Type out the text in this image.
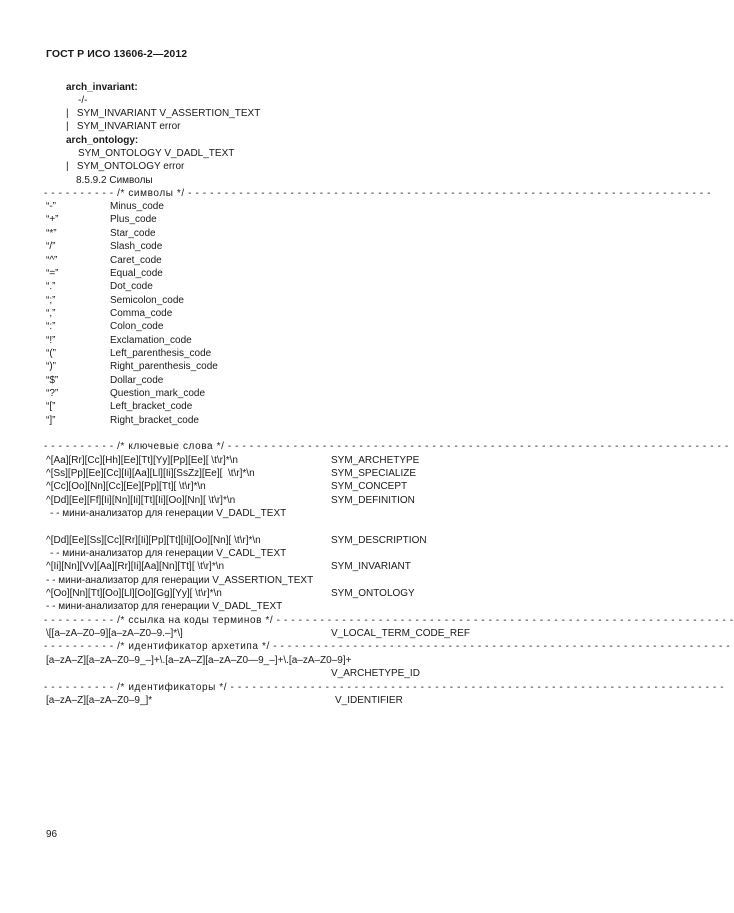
ГОСТ Р ИСО 13606-2—2012
arch_invariant:
-/-
|   SYM_INVARIANT V_ASSERTION_TEXT
|   SYM_INVARIANT error
arch_ontology:
SYM_ONTOLOGY V_DADL_TEXT
|   SYM_ONTOLOGY error
8.5.9.2 Символы
- - - - - - - - - - /* символы */ - - - - - - - - - - - - - - - - - - - - - - - - - - - - - - - - - - - - - - - - - - - - - - - - - - - - - - - - - - - - - - - - - - - - - - - -
“-”	Minus_code
“+”	Plus_code
“*”	Star_code
“/”	Slash_code
“^”	Caret_code
“=”	Equal_code
“.”	Dot_code
“;”	Semicolon_code
“,”	Comma_code
“:”	Colon_code
“!”	Exclamation_code
“(”	Left_parenthesis_code
“)”	Right_parenthesis_code
“$”	Dollar_code
“?”	Question_mark_code
“[”	Left_bracket_code
“]”	Right_bracket_code
- - - - - - - - - - /* ключевые слова */ - - - - - - - - - - - - - - - - - - - - - - - - - - - - - - - - - - - - - - - - - - - - - - - - - - - - - - - - - - - - - - - - - - - - -
^[Aa][Rr][Cc][Hh][Ee][Tt][Yy][Pp][Ee][ \t\r]*\n	SYM_ARCHETYPE
^[Ss][Pp][Ee][Cc][Ii][Aa][Ll][Ii][SsZz][Ee][  \t\r]*\n	SYM_SPECIALIZE
^[Cc][Oo][Nn][Cc][Ee][Pp][Tt][ \t\r]*\n	SYM_CONCEPT
^[Dd][Ee][Ff][Ii][Nn][Ii][Tt][Ii][Oo][Nn][ \t\r]*\n	SYM_DEFINITION
- - мини-анализатор для генерации V_DADL_TEXT
^[Dd][Ee][Ss][Cc][Rr][Ii][Pp][Tt][Ii][Oo][Nn][ \t\r]*\n	SYM_DESCRIPTION
- - мини-анализатор для генерации V_CADL_TEXT
^[Ii][Nn][Vv][Aa][Rr][Ii][Aa][Nn][Tt][ \t\r]*\n	SYM_INVARIANT
- - мини-анализатор для генерации V_ASSERTION_TEXT
^[Oo][Nn][Tt][Oo][Ll][Oo][Gg][Yy][ \t\r]*\n	SYM_ONTOLOGY
- - мини-анализатор для генерации V_DADL_TEXT
- - - - - - - - - - /* ссылка на коды терминов */ - - - - - - - - - - - - - - - - - - - - - - - - - - - - - - - - - - - - - - - - - - - - - - - - - - - - - - - - - - - - - - -
\[[a–zA–Z0–9][a–zA–Z0–9.–]*\]	V_LOCAL_TERM_CODE_REF
- - - - - - - - - - /* идентификатор архетипа */ - - - - - - - - - - - - - - - - - - - - - - - - - - - - - - - - - - - - - - - - - - - - - - - - - - - - - - - - - - - - - - -
[a–zA–Z][a–zA–Z0–9_–]+\.[a–zA–Z][a–zA–Z0—9_–]+\.[a–zA–Z0–9]+
V_ARCHETYPE_ID
- - - - - - - - - - /* идентификаторы */ - - - - - - - - - - - - - - - - - - - - - - - - - - - - - - - - - - - - - - - - - - - - - - - - - - - - - - - - - - - - - - - - - - - -
[a–zA–Z][a–zA–Z0–9_]*	V_IDENTIFIER
96
